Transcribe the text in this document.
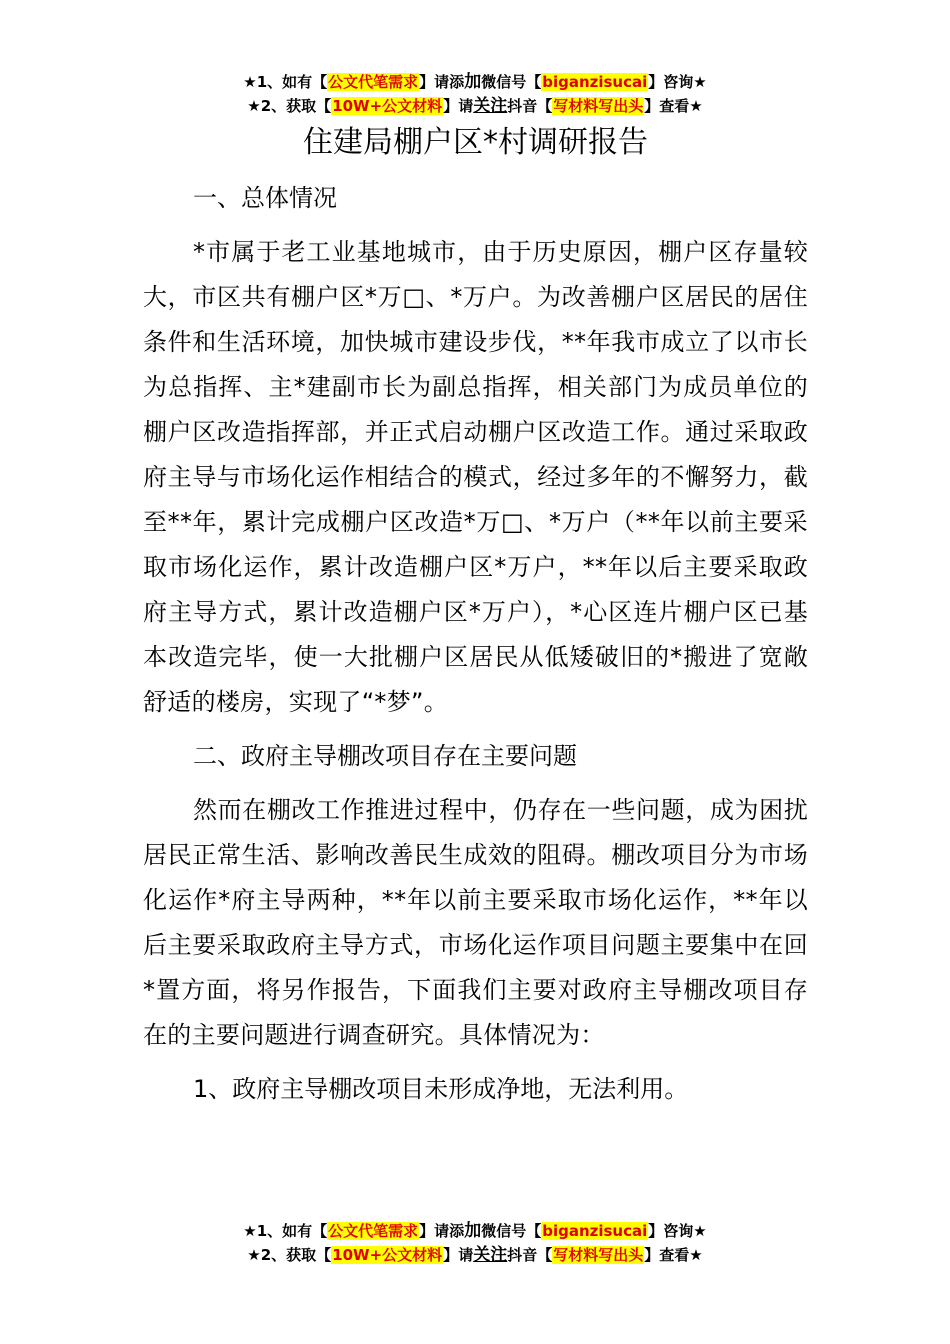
★1、如有【公文代笔需求】请添加微信号【biganzisucai】咨询★
★2、获取【10W+公文材料】请关注抖音【写材料写出头】查看★
住建局棚户区*村调研报告

一、总体情况

*市属于老工业基地城市，由于历史原因，棚户区存量较大，市区共有棚户区*万□、*万户。为改善棚户区居民的居住条件和生活环境，加快城市建设步伐，**年我市成立了以市长为总指挥、主*建副市长为副总指挥，相关部门为成员单位的棚户区改造指挥部，并正式启动棚户区改造工作。通过采取政府主导与市场化运作相结合的模式，经过多年的不懈努力，截至**年，累计完成棚户区改造*万□、*万户（**年以前主要采取市场化运作，累计改造棚户区*万户，**年以后主要采取政府主导方式，累计改造棚户区*万户），*心区连片棚户区已基本改造完毕，使一大批棚户区居民从低矮破旧的*搬进了宽敞舒适的楼房，实现了“*梦”。

二、政府主导棚改项目存在主要问题

然而在棚改工作推进过程中，仍存在一些问题，成为困扰居民正常生活、影响改善民生成效的阻碍。棚改项目分为市场化运作*府主导两种，**年以前主要采取市场化运作，**年以后主要采取政府主导方式，市场化运作项目问题主要集中在回*置方面，将另作报告，下面我们主要对政府主导棚改项目存在的主要问题进行调查研究。具体情况为：

1、政府主导棚改项目未形成净地，无法利用。

★1、如有【公文代笔需求】请添加微信号【biganzisucai】咨询★
★2、获取【10W+公文材料】请关注抖音【写材料写出头】查看★
